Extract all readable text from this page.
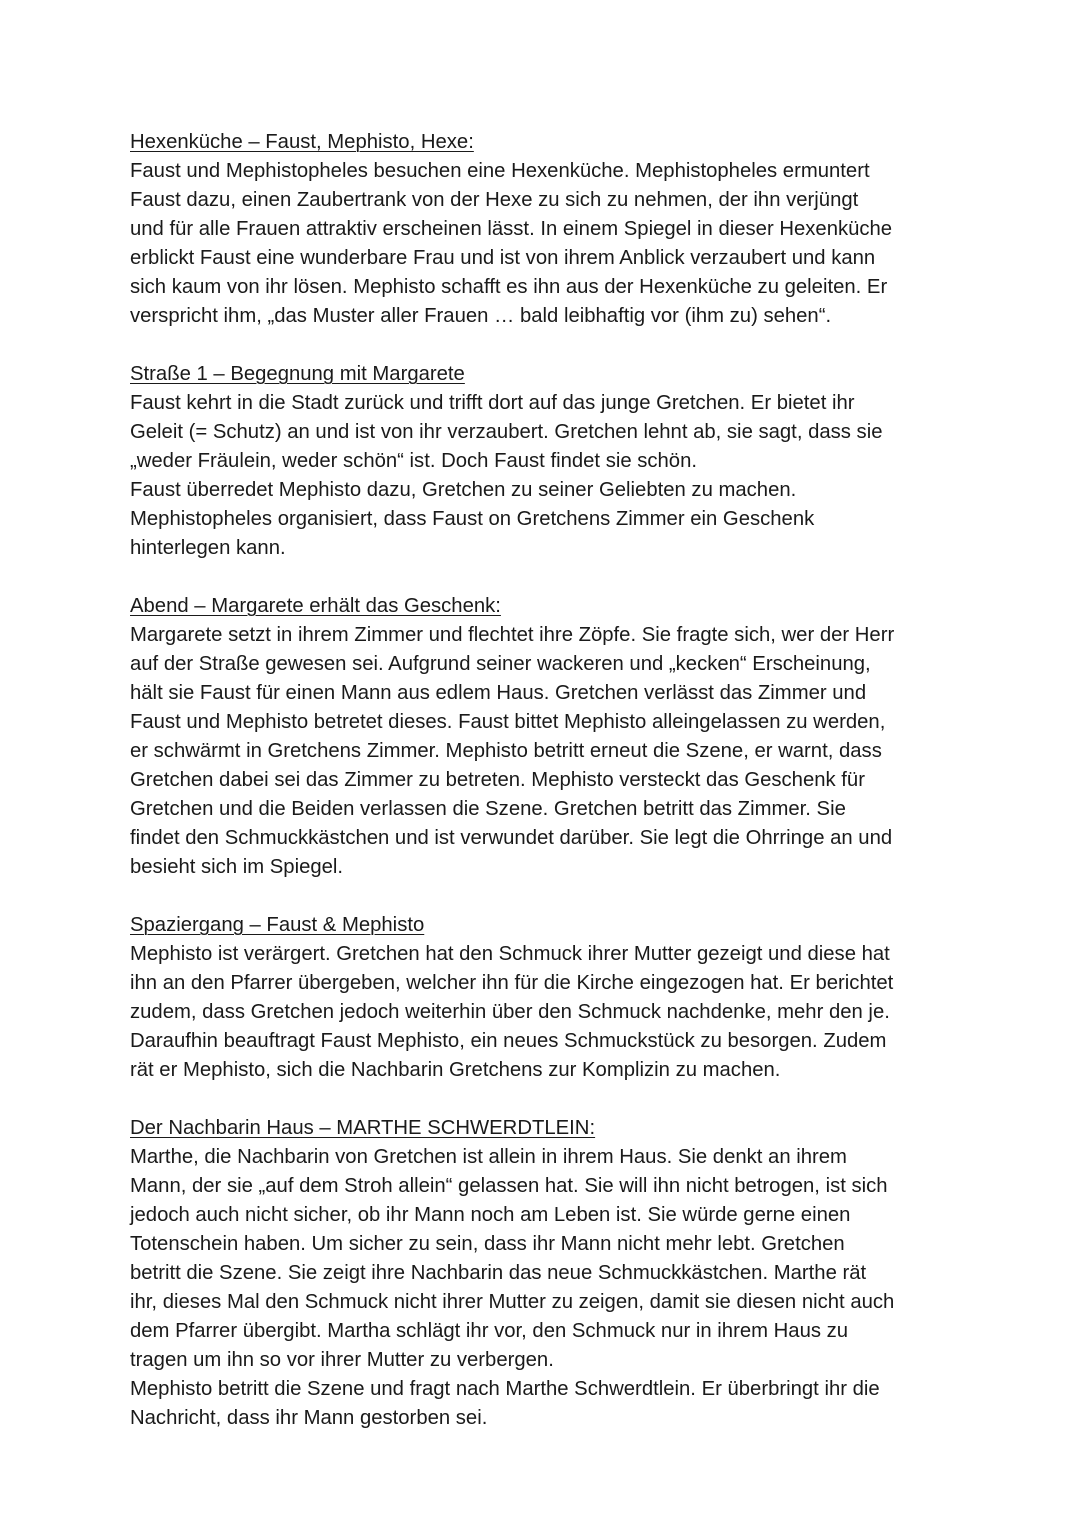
Hexenküche – Faust, Mephisto, Hexe:
Faust und Mephistopheles besuchen eine Hexenküche. Mephistopheles ermuntert
Faust dazu, einen Zaubertrank von der Hexe zu sich zu nehmen, der ihn verjüngt
und für alle Frauen attraktiv erscheinen lässt. In einem Spiegel in dieser Hexenküche
erblickt Faust eine wunderbare Frau und ist von ihrem Anblick verzaubert und kann
sich kaum von ihr lösen. Mephisto schafft es ihn aus der Hexenküche zu geleiten. Er
verspricht ihm, „das Muster aller Frauen … bald leibhaftig vor (ihm zu) sehen“.
Straße 1 – Begegnung mit Margarete
Faust kehrt in die Stadt zurück und trifft dort auf das junge Gretchen. Er bietet ihr
Geleit (= Schutz) an und ist von ihr verzaubert. Gretchen lehnt ab, sie sagt, dass sie
„weder Fräulein, weder schön“ ist. Doch Faust findet sie schön.
Faust überredet Mephisto dazu, Gretchen zu seiner Geliebten zu machen.
Mephistopheles organisiert, dass Faust on Gretchens Zimmer ein Geschenk
hinterlegen kann.
Abend – Margarete erhält das Geschenk:
Margarete setzt in ihrem Zimmer und flechtet ihre Zöpfe. Sie fragte sich, wer der Herr
auf der Straße gewesen sei. Aufgrund seiner wackeren und „kecken“ Erscheinung,
hält sie Faust für einen Mann aus edlem Haus. Gretchen verlässt das Zimmer und
Faust und Mephisto betretet dieses. Faust bittet Mephisto alleingelassen zu werden,
er schwärmt in Gretchens Zimmer. Mephisto betritt erneut die Szene, er warnt, dass
Gretchen dabei sei das Zimmer zu betreten. Mephisto versteckt das Geschenk für
Gretchen und die Beiden verlassen die Szene. Gretchen betritt das Zimmer. Sie
findet den Schmuckkästchen und ist verwundet darüber. Sie legt die Ohrringe an und
besieht sich im Spiegel.
Spaziergang – Faust & Mephisto
Mephisto ist verärgert. Gretchen hat den Schmuck ihrer Mutter gezeigt und diese hat
ihn an den Pfarrer übergeben, welcher ihn für die Kirche eingezogen hat. Er berichtet
zudem, dass Gretchen jedoch weiterhin über den Schmuck nachdenke, mehr den je.
Daraufhin beauftragt Faust Mephisto, ein neues Schmuckstück zu besorgen. Zudem
rät er Mephisto, sich die Nachbarin Gretchens zur Komplizin zu machen.
Der Nachbarin Haus – MARTHE SCHWERDTLEIN:
Marthe, die Nachbarin von Gretchen ist allein in ihrem Haus. Sie denkt an ihrem
Mann, der sie „auf dem Stroh allein“ gelassen hat. Sie will ihn nicht betrogen, ist sich
jedoch auch nicht sicher, ob ihr Mann noch am Leben ist. Sie würde gerne einen
Totenschein haben. Um sicher zu sein, dass ihr Mann nicht mehr lebt. Gretchen
betritt die Szene. Sie zeigt ihre Nachbarin das neue Schmuckkästchen. Marthe rät
ihr, dieses Mal den Schmuck nicht ihrer Mutter zu zeigen, damit sie diesen nicht auch
dem Pfarrer übergibt. Martha schlägt ihr vor, den Schmuck nur in ihrem Haus zu
tragen um ihn so vor ihrer Mutter zu verbergen.
Mephisto betritt die Szene und fragt nach Marthe Schwerdtlein. Er überbringt ihr die
Nachricht, dass ihr Mann gestorben sei.
